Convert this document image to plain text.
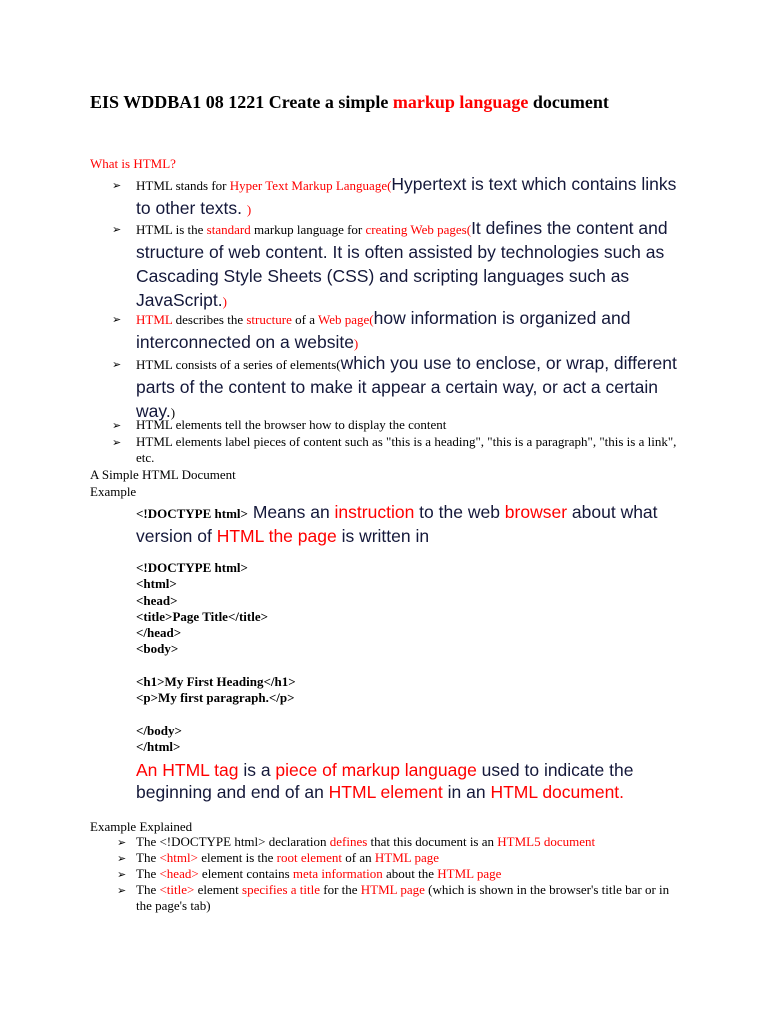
EIS WDDBA1 08 1221 Create a simple markup language document
What is HTML?
➢ HTML stands for Hyper Text Markup Language(Hypertext is text which contains links to other texts. )
➢ HTML is the standard markup language for creating Web pages(It defines the content and structure of web content. It is often assisted by technologies such as Cascading Style Sheets (CSS) and scripting languages such as JavaScript.)
➢ HTML describes the structure of a Web page(how information is organized and interconnected on a website)
➢ HTML consists of a series of elements(which you use to enclose, or wrap, different parts of the content to make it appear a certain way, or act a certain way.)
➢ HTML elements tell the browser how to display the content
➢ HTML elements label pieces of content such as "this is a heading", "this is a paragraph", "this is a link", etc.
A Simple HTML Document
Example
<!DOCTYPE html> Means an instruction to the web browser about what version of HTML the page is written in
<!DOCTYPE html>
<html>
<head>
<title>Page Title</title>
</head>
<body>
<h1>My First Heading</h1>
<p>My first paragraph.</p>
</body>
</html>
An HTML tag is a piece of markup language used to indicate the beginning and end of an HTML element in an HTML document.
Example Explained
➢ The <!DOCTYPE html> declaration defines that this document is an HTML5 document
➢ The <html> element is the root element of an HTML page
➢ The <head> element contains meta information about the HTML page
➢ The <title> element specifies a title for the HTML page (which is shown in the browser's title bar or in the page's tab)
